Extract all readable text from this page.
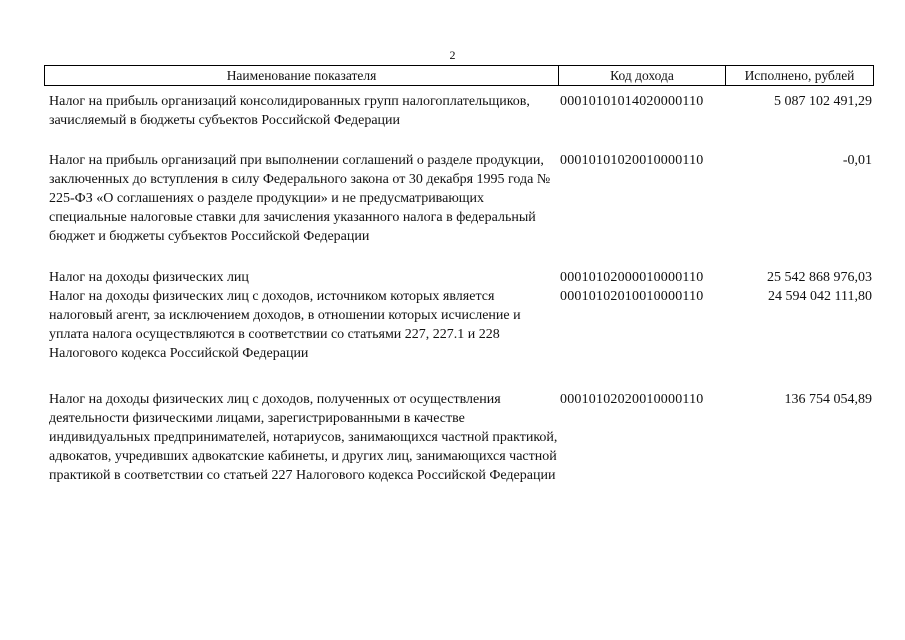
2
Наименование показателя	Код дохода	Исполнено, рублей
Налог на прибыль организаций консолидированных групп налогоплательщиков, зачисляемый в бюджеты субъектов Российской Федерации
00010101014020000110	5 087 102 491,29
Налог на прибыль организаций при выполнении соглашений о разделе продукции, заключенных до вступления в силу Федерального закона от 30 декабря 1995 года № 225-ФЗ «О соглашениях о разделе продукции» и не предусматривающих специальные налоговые ставки для зачисления указанного налога в федеральный бюджет и бюджеты субъектов Российской Федерации
00010101020010000110	-0,01
Налог на доходы физических лиц	00010102000010000110	25 542 868 976,03
Налог на доходы физических лиц с доходов, источником которых является налоговый агент, за исключением доходов, в отношении которых исчисление и уплата налога осуществляются в соответствии со статьями 227, 227.1 и 228 Налогового кодекса Российской Федерации
00010102010010000110	24 594 042 111,80
Налог на доходы физических лиц с доходов, полученных от осуществления деятельности физическими лицами, зарегистрированными в качестве индивидуальных предпринимателей, нотариусов, занимающихся частной практикой, адвокатов, учредивших адвокатские кабинеты, и других лиц, занимающихся частной практикой в соответствии со статьей 227 Налогового кодекса Российской Федерации
00010102020010000110	136 754 054,89
